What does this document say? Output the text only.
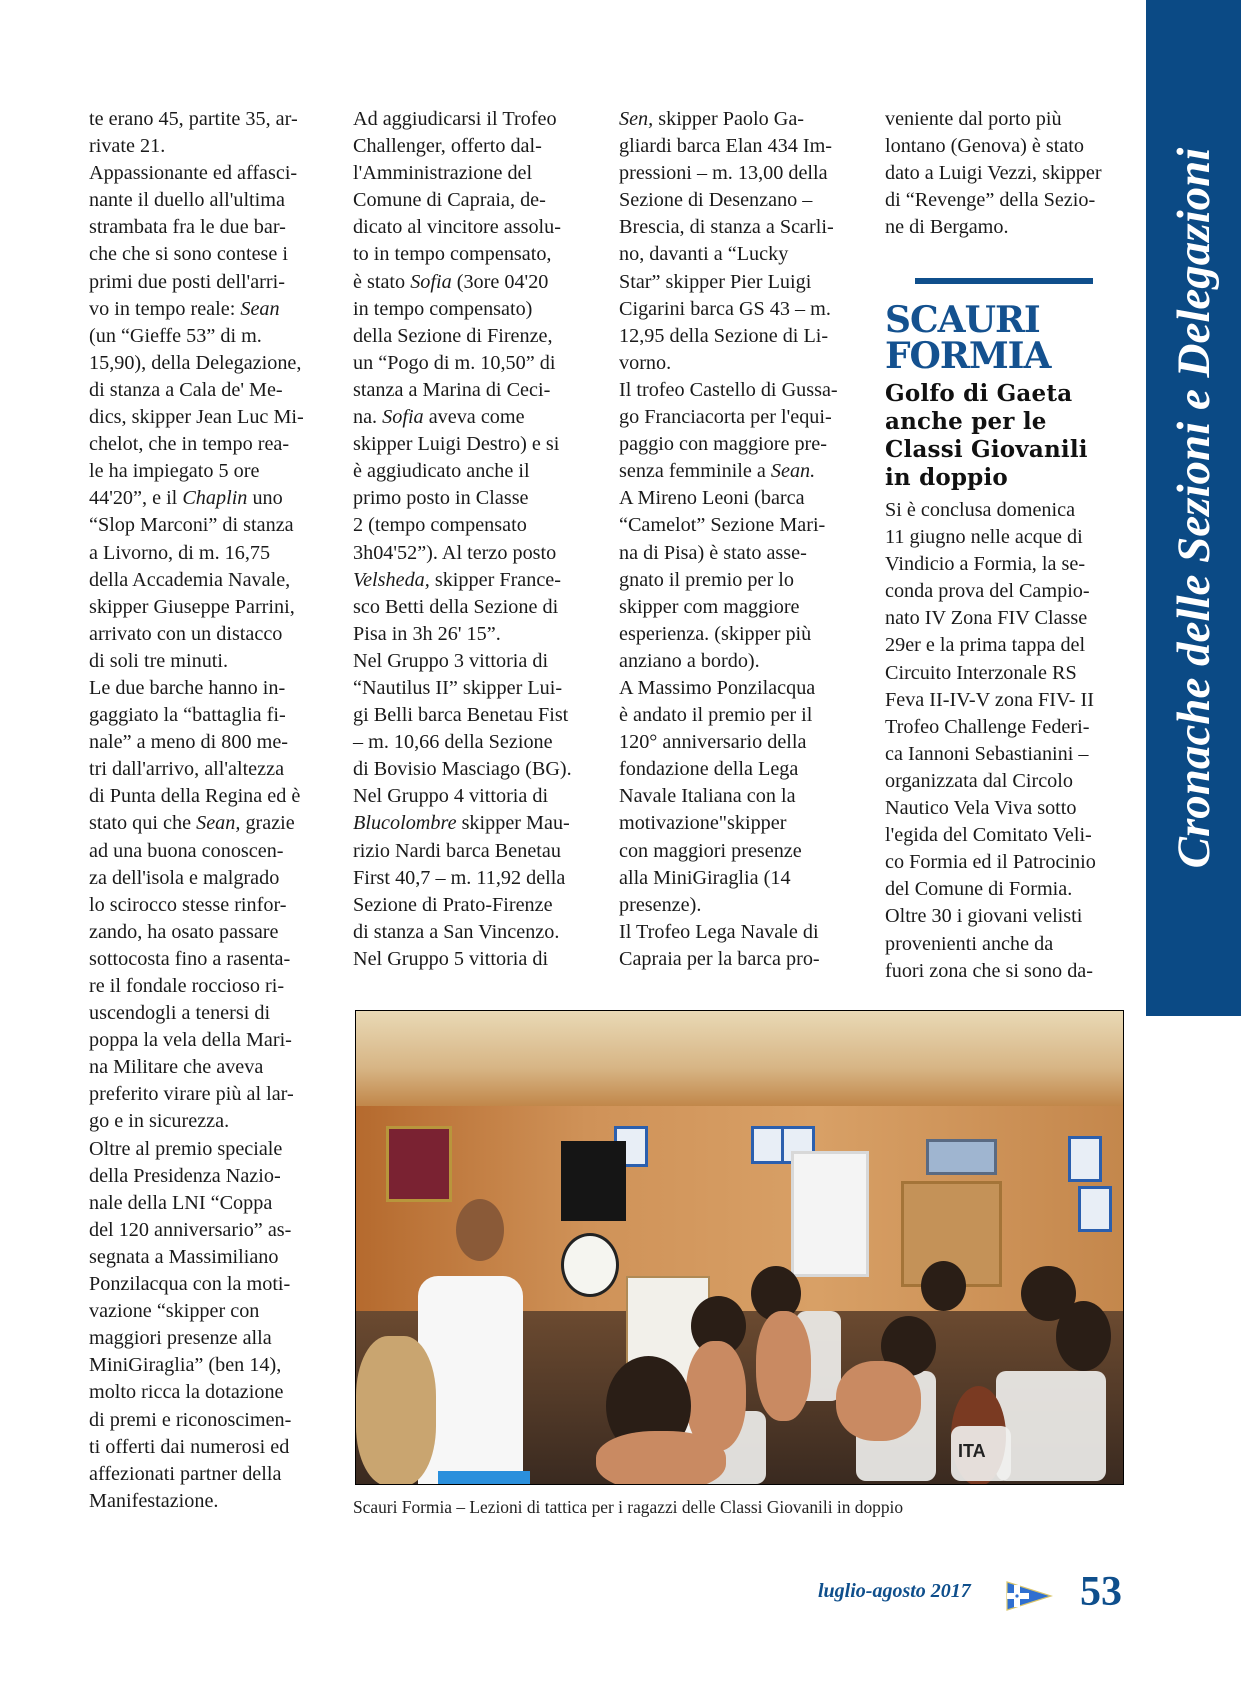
Cronache delle Sezioni e Delegazioni
te erano 45, partite 35, ar-
rivate 21.
Appassionante ed affasci-
nante il duello all'ultima
strambata fra le due bar-
che che si sono contese i
primi due posti dell'arri-
vo in tempo reale: Sean
(un “Gieffe 53” di m.
15,90), della Delegazione,
di stanza a Cala de' Me-
dics, skipper Jean Luc Mi-
chelot, che in tempo rea-
le ha impiegato 5 ore
44'20”, e il Chaplin uno
“Slop Marconi” di stanza
a Livorno, di m. 16,75
della Accademia Navale,
skipper Giuseppe Parrini,
arrivato con un distacco
di soli tre minuti.
Le due barche hanno in-
gaggiato la “battaglia fi-
nale” a meno di 800 me-
tri dall'arrivo, all'altezza
di Punta della Regina ed è
stato qui che Sean, grazie
ad una buona conoscen-
za dell'isola e malgrado
lo scirocco stesse rinfor-
zando, ha osato passare
sottocosta fino a rasenta-
re il fondale roccioso ri-
uscendogli a tenersi di
poppa la vela della Mari-
na Militare che aveva
preferito virare più al lar-
go e in sicurezza.
Oltre al premio speciale
della Presidenza Nazio-
nale della LNI “Coppa
del 120 anniversario” as-
segnata a Massimiliano
Ponzilacqua con la moti-
vazione “skipper con
maggiori presenze alla
MiniGiraglia” (ben 14),
molto ricca la dotazione
di premi e riconoscimen-
ti offerti dai numerosi ed
affezionati partner della
Manifestazione.
Ad aggiudicarsi il Trofeo
Challenger, offerto dal-
l'Amministrazione del
Comune di Capraia, de-
dicato al vincitore assolu-
to in tempo compensato,
è stato Sofia (3ore 04'20
in tempo compensato)
della Sezione di Firenze,
un “Pogo di m. 10,50” di
stanza a Marina di Ceci-
na. Sofia aveva come
skipper Luigi Destro) e si
è aggiudicato anche il
primo posto in Classe
2 (tempo compensato
3h04'52”). Al terzo posto
Velsheda, skipper France-
sco Betti della Sezione di
Pisa in 3h 26' 15”.
Nel Gruppo 3 vittoria di
“Nautilus II” skipper Lui-
gi Belli barca Benetau Fist
– m. 10,66 della Sezione
di Bovisio Masciago (BG).
Nel Gruppo 4 vittoria di
Blucolombre skipper Mau-
rizio Nardi barca Benetau
First 40,7 – m. 11,92 della
Sezione di Prato-Firenze
di stanza a San Vincenzo.
Nel Gruppo 5 vittoria di
Sen, skipper Paolo Ga-
gliardi barca Elan 434 Im-
pressioni – m. 13,00 della
Sezione di Desenzano –
Brescia, di stanza a Scarli-
no, davanti a “Lucky
Star” skipper Pier Luigi
Cigarini barca GS 43 – m.
12,95 della Sezione di Li-
vorno.
Il trofeo Castello di Gussa-
go Franciacorta per l'equi-
paggio con maggiore pre-
senza femminile a Sean.
A Mireno Leoni (barca
“Camelot” Sezione Mari-
na di Pisa) è stato asse-
gnato il premio per lo
skipper com maggiore
esperienza. (skipper più
anziano a bordo).
A Massimo Ponzilacqua
è andato il premio per il
120° anniversario della
fondazione della Lega
Navale Italiana con la
motivazione"skipper
con maggiori presenze
alla MiniGiraglia (14
presenze).
Il Trofeo Lega Navale di
Capraia per la barca pro-
veniente dal porto più
lontano (Genova) è stato
dato a Luigi Vezzi, skipper
di “Revenge” della Sezio-
ne di Bergamo.
SCAURI
FORMIA
Golfo di Gaeta
anche per le
Classi Giovanili
in doppio
Si è conclusa domenica
11 giugno nelle acque di
Vindicio a Formia, la se-
conda prova del Campio-
nato IV Zona FIV Classe
29er e la prima tappa del
Circuito Interzonale RS
Feva II-IV-V zona FIV- II
Trofeo Challenge Federi-
ca Iannoni Sebastianini –
organizzata dal Circolo
Nautico Vela Viva sotto
l'egida del Comitato Veli-
co Formia ed il Patrocinio
del Comune di Formia.
Oltre 30 i giovani velisti
provenienti anche da
fuori zona che si sono da-
ITA
Scauri Formia – Lezioni di tattica per i ragazzi delle Classi Giovanili in doppio
luglio-agosto 2017	53
